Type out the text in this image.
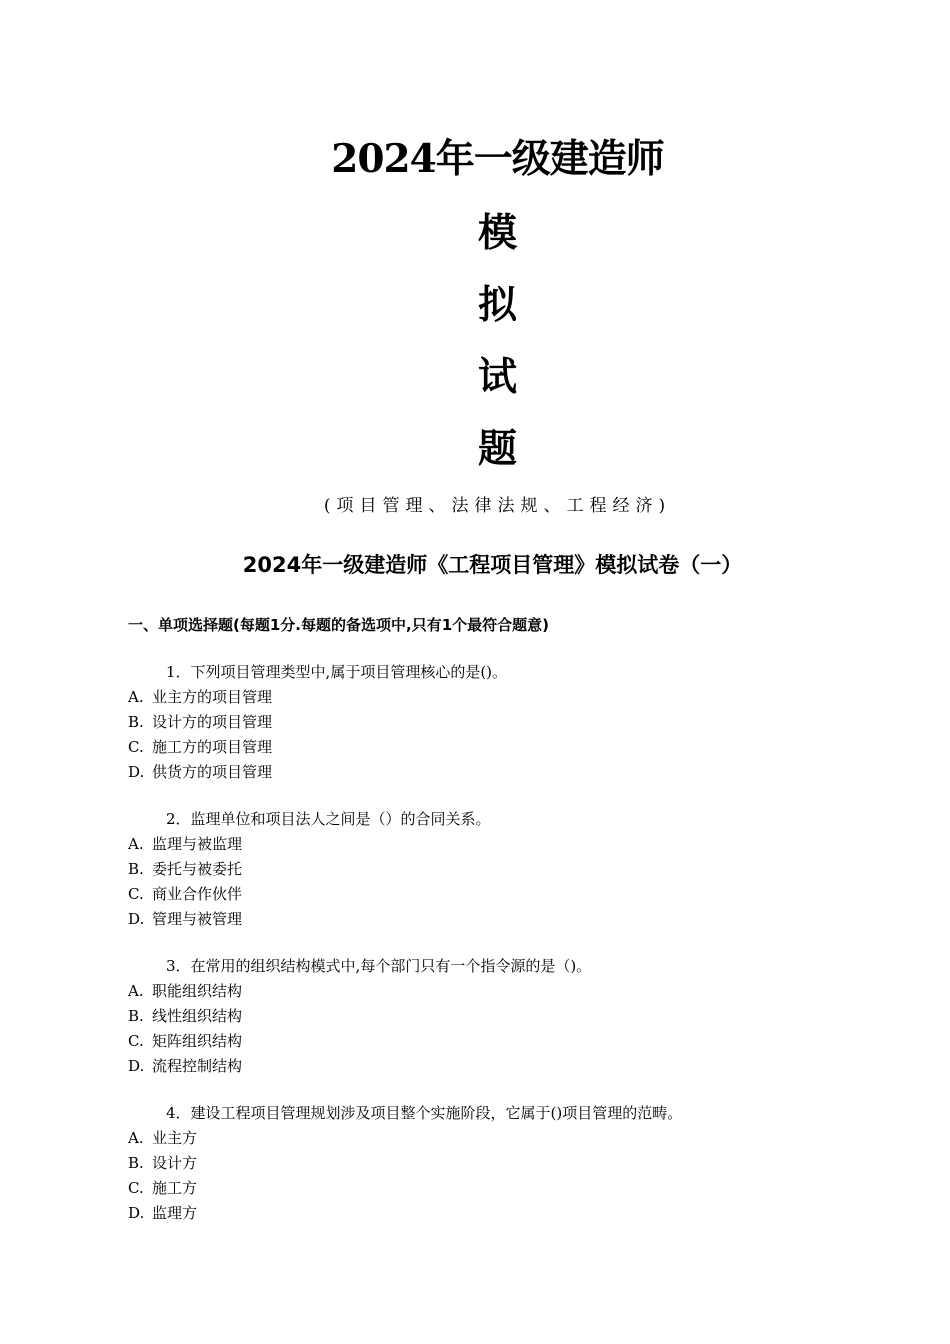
2024年一级建造师
模
拟
试
题
(项目管理、法律法规、工程经济)
2024年一级建造师《工程项目管理》模拟试卷（一）
一、单项选择题(每题1分.每题的备选项中,只有1个最符合题意)
1．下列项目管理类型中,属于项目管理核心的是()。
A. 业主方的项目管理
B. 设计方的项目管理
C. 施工方的项目管理
D. 供货方的项目管理
2．监理单位和项目法人之间是（）的合同关系。
A. 监理与被监理
B. 委托与被委托
C. 商业合作伙伴
D. 管理与被管理
3．在常用的组织结构模式中,每个部门只有一个指令源的是（)。
A. 职能组织结构
B. 线性组织结构
C. 矩阵组织结构
D. 流程控制结构
4．建设工程项目管理规划涉及项目整个实施阶段，它属于()项目管理的范畴。
A. 业主方
B. 设计方
C. 施工方
D. 监理方
